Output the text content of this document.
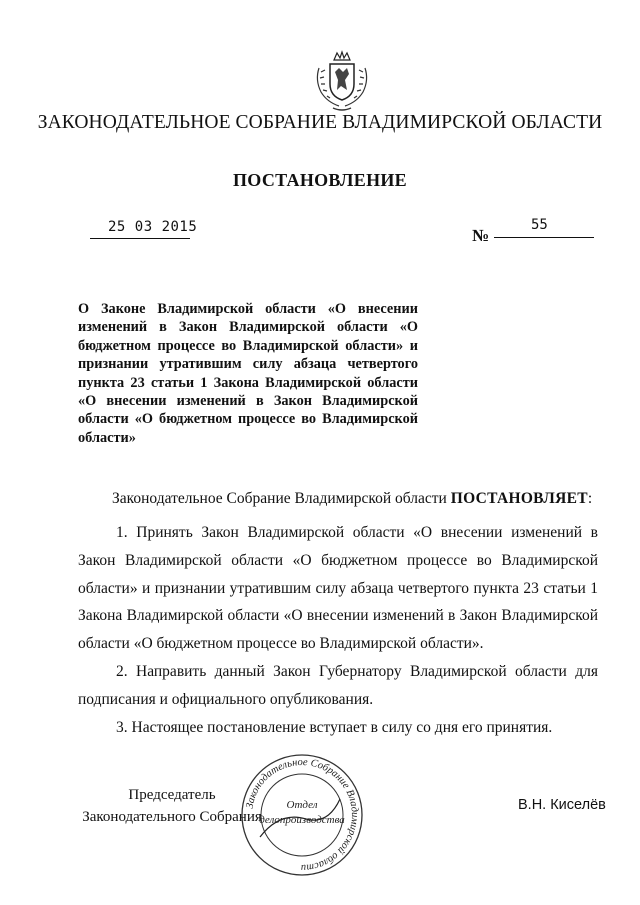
ЗАКОНОДАТЕЛЬНОЕ СОБРАНИЕ ВЛАДИМИРСКОЙ ОБЛАСТИ
ПОСТАНОВЛЕНИЕ
25 03 2015	№
55
О Законе Владимирской области «О внесении изменений в Закон Владимирской области «О бюджетном процессе во Владимирской области» и признании утратившим силу абзаца четвертого пункта 23 статьи 1 Закона Владимирской области «О внесении изменений в Закон Владимирской области «О бюджетном процессе во Владимирской области»
Законодательное Собрание Владимирской области ПОСТАНОВЛЯЕТ:

1. Принять Закон Владимирской области «О внесении изменений в Закон Владимирской области «О бюджетном процессе во Владимирской области» и признании утратившим силу абзаца четвертого пункта 23 статьи 1 Закона Владимирской области «О внесении изменений в Закон Владимирской области «О бюджетном процессе во Владимирской области».

2. Направить данный Закон Губернатору Владимирской области для подписания и официального опубликования.

3. Настоящее постановление вступает в силу со дня его принятия.

Председатель
Законодательного Собрания
В.Н. Киселёв
Законодательное Собрание Владимирской области
Отдел
делопроизводства
